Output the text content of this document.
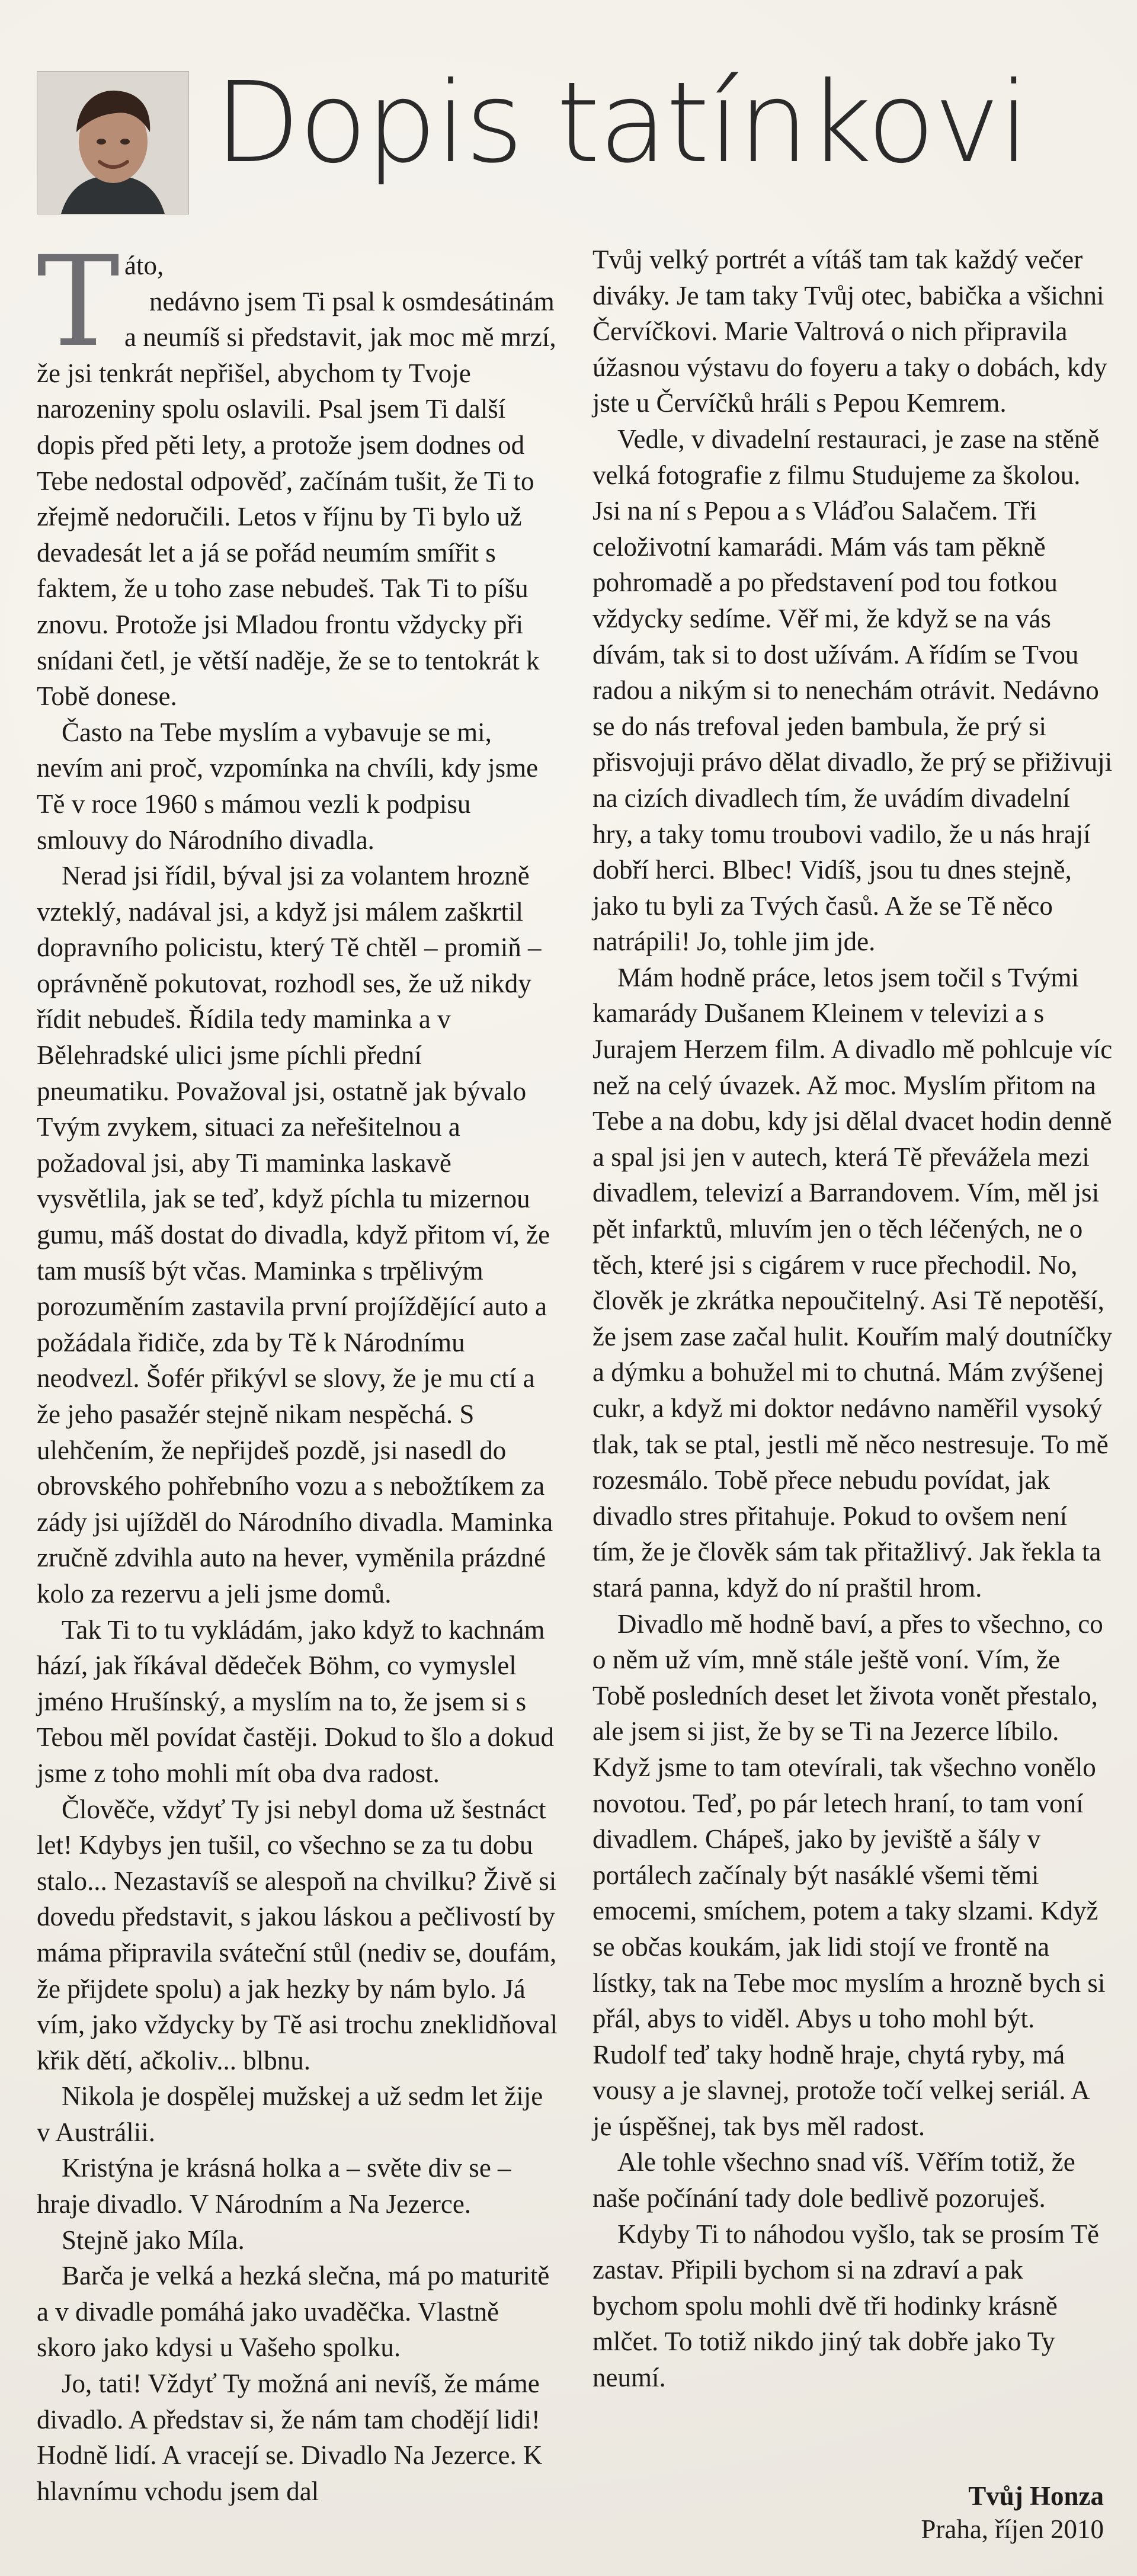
Dopis tatínkovi

T áto,

nedávno jsem Ti psal k osmdesátinám a neumíš si představit, jak moc mě mrzí, že jsi tenkrát nepřišel, abychom ty Tvoje narozeniny spolu oslavili. Psal jsem Ti další dopis před pěti lety, a protože jsem dodnes od Tebe nedostal odpověď, začínám tušit, že Ti to zřejmě nedoručili. Letos v říjnu by Ti bylo už devadesát let a já se pořád neumím smířit s faktem, že u toho zase nebudeš. Tak Ti to píšu znovu. Protože jsi Mladou frontu vždycky při snídani četl, je větší naděje, že se to tentokrát k Tobě donese.

Často na Tebe myslím a vybavuje se mi, nevím ani proč, vzpomínka na chvíli, kdy jsme Tě v roce 1960 s mámou vezli k podpisu smlouvy do Národního divadla.

Nerad jsi řídil, býval jsi za volantem hrozně vzteklý, nadával jsi, a když jsi málem zaškrtil dopravního policistu, který Tě chtěl – promiň – oprávněně pokutovat, rozhodl ses, že už nikdy řídit nebudeš. Řídila tedy maminka a v Bělehradské ulici jsme píchli přední pneumatiku. Považoval jsi, ostatně jak bývalo Tvým zvykem, situaci za neřešitelnou a požadoval jsi, aby Ti maminka laskavě vysvětlila, jak se teď, když píchla tu mizernou gumu, máš dostat do divadla, když přitom ví, že tam musíš být včas. Maminka s trpělivým porozuměním zastavila první projíždějící auto a požádala řidiče, zda by Tě k Národnímu neodvezl. Šofér přikývl se slovy, že je mu ctí a že jeho pasažér stejně nikam nespěchá. S ulehčením, že nepřijdeš pozdě, jsi nasedl do obrovského pohřebního vozu a s nebožtíkem za zády jsi ujížděl do Národního divadla. Maminka zručně zdvihla auto na hever, vyměnila prázdné kolo za rezervu a jeli jsme domů.

Tak Ti to tu vykládám, jako když to kachnám hází, jak říkával dědeček Böhm, co vymyslel jméno Hrušínský, a myslím na to, že jsem si s Tebou měl povídat častěji. Dokud to šlo a dokud jsme z toho mohli mít oba dva radost.

Člověče, vždyť Ty jsi nebyl doma už šestnáct let! Kdybys jen tušil, co všechno se za tu dobu stalo... Nezastavíš se alespoň na chvilku? Živě si dovedu představit, s jakou láskou a pečlivostí by máma připravila sváteční stůl (nediv se, doufám, že přijdete spolu) a jak hezky by nám bylo. Já vím, jako vždycky by Tě asi trochu zneklidňoval křik dětí, ačkoliv... blbnu.

Nikola je dospělej mužskej a už sedm let žije v Austrálii.

Kristýna je krásná holka a – světe div se – hraje divadlo. V Národním a Na Jezerce.

Stejně jako Míla.

Barča je velká a hezká slečna, má po maturitě a v divadle pomáhá jako uvaděčka. Vlastně skoro jako kdysi u Vašeho spolku.

Jo, tati! Vždyť Ty možná ani nevíš, že máme divadlo. A představ si, že nám tam chodějí lidi! Hodně lidí. A vracejí se. Divadlo Na Jezerce. K hlavnímu vchodu jsem dal

Tvůj velký portrét a vítáš tam tak každý večer diváky. Je tam taky Tvůj otec, babička a všichni Červíčkovi. Marie Valtrová o nich připravila úžasnou výstavu do foyeru a taky o dobách, kdy jste u Červíčků hráli s Pepou Kemrem.

Vedle, v divadelní restauraci, je zase na stěně velká fotografie z filmu Studujeme za školou. Jsi na ní s Pepou a s Vláďou Salačem. Tři celoživotní kamarádi. Mám vás tam pěkně pohromadě a po představení pod tou fotkou vždycky sedíme. Věř mi, že když se na vás dívám, tak si to dost užívám. A řídím se Tvou radou a nikým si to nenechám otrávit. Nedávno se do nás trefoval jeden bambula, že prý si přisvojuji právo dělat divadlo, že prý se přiživuji na cizích divadlech tím, že uvádím divadelní hry, a taky tomu troubovi vadilo, že u nás hrají dobří herci. Blbec! Vidíš, jsou tu dnes stejně, jako tu byli za Tvých časů. A že se Tě něco natrápili! Jo, tohle jim jde.

Mám hodně práce, letos jsem točil s Tvými kamarády Dušanem Kleinem v televizi a s Jurajem Herzem film. A divadlo mě pohlcuje víc než na celý úvazek. Až moc. Myslím přitom na Tebe a na dobu, kdy jsi dělal dvacet hodin denně a spal jsi jen v autech, která Tě převážela mezi divadlem, televizí a Barrandovem. Vím, měl jsi pět infarktů, mluvím jen o těch léčených, ne o těch, které jsi s cigárem v ruce přechodil. No, člověk je zkrátka nepoučitelný. Asi Tě nepotěší, že jsem zase začal hulit. Kouřím malý doutníčky a dýmku a bohužel mi to chutná. Mám zvýšenej cukr, a když mi doktor nedávno naměřil vysoký tlak, tak se ptal, jestli mě něco nestresuje. To mě rozesmálo. Tobě přece nebudu povídat, jak divadlo stres přitahuje. Pokud to ovšem není tím, že je člověk sám tak přitažlivý. Jak řekla ta stará panna, když do ní praštil hrom.

Divadlo mě hodně baví, a přes to všechno, co o něm už vím, mně stále ještě voní. Vím, že Tobě posledních deset let života vonět přestalo, ale jsem si jist, že by se Ti na Jezerce líbilo. Když jsme to tam otevírali, tak všechno vonělo novotou. Teď, po pár letech hraní, to tam voní divadlem. Chápeš, jako by jeviště a šály v portálech začínaly být nasáklé všemi těmi emocemi, smíchem, potem a taky slzami. Když se občas koukám, jak lidi stojí ve frontě na lístky, tak na Tebe moc myslím a hrozně bych si přál, abys to viděl. Abys u toho mohl být. Rudolf teď taky hodně hraje, chytá ryby, má vousy a je slavnej, protože točí velkej seriál. A je úspěšnej, tak bys měl radost.

Ale tohle všechno snad víš. Věřím totiž, že naše počínání tady dole bedlivě pozoruješ.

Kdyby Ti to náhodou vyšlo, tak se prosím Tě zastav. Připili bychom si na zdraví a pak bychom spolu mohli dvě tři hodinky krásně mlčet. To totiž nikdo jiný tak dobře jako Ty neumí.

Tvůj Honza
Praha, říjen 2010
